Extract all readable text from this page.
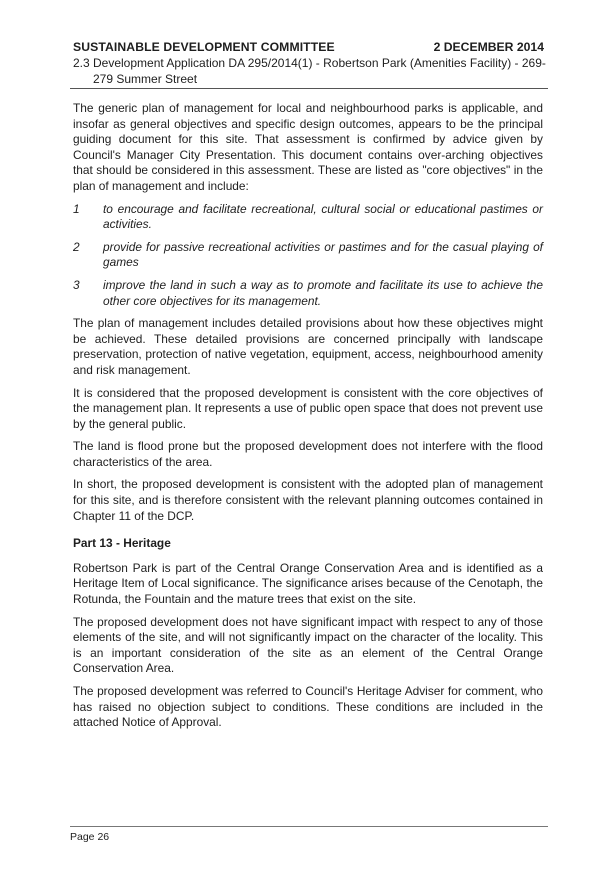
SUSTAINABLE DEVELOPMENT COMMITTEE	2 DECEMBER 2014
2.3 Development Application DA 295/2014(1) - Robertson Park (Amenities Facility) - 269-279 Summer Street

The generic plan of management for local and neighbourhood parks is applicable, and insofar as general objectives and specific design outcomes, appears to be the principal guiding document for this site. That assessment is confirmed by advice given by Council's Manager City Presentation. This document contains over-arching objectives that should be considered in this assessment. These are listed as "core objectives" in the plan of management and include:

1 to encourage and facilitate recreational, cultural social or educational pastimes or activities.
2 provide for passive recreational activities or pastimes and for the casual playing of games
3 improve the land in such a way as to promote and facilitate its use to achieve the other core objectives for its management.

The plan of management includes detailed provisions about how these objectives might be achieved. These detailed provisions are concerned principally with landscape preservation, protection of native vegetation, equipment, access, neighbourhood amenity and risk management.

It is considered that the proposed development is consistent with the core objectives of the management plan. It represents a use of public open space that does not prevent use by the general public.

The land is flood prone but the proposed development does not interfere with the flood characteristics of the area.

In short, the proposed development is consistent with the adopted plan of management for this site, and is therefore consistent with the relevant planning outcomes contained in Chapter 11 of the DCP.

Part 13 - Heritage

Robertson Park is part of the Central Orange Conservation Area and is identified as a Heritage Item of Local significance. The significance arises because of the Cenotaph, the Rotunda, the Fountain and the mature trees that exist on the site.

The proposed development does not have significant impact with respect to any of those elements of the site, and will not significantly impact on the character of the locality. This is an important consideration of the site as an element of the Central Orange Conservation Area.

The proposed development was referred to Council's Heritage Adviser for comment, who has raised no objection subject to conditions. These conditions are included in the attached Notice of Approval.

Page 26
